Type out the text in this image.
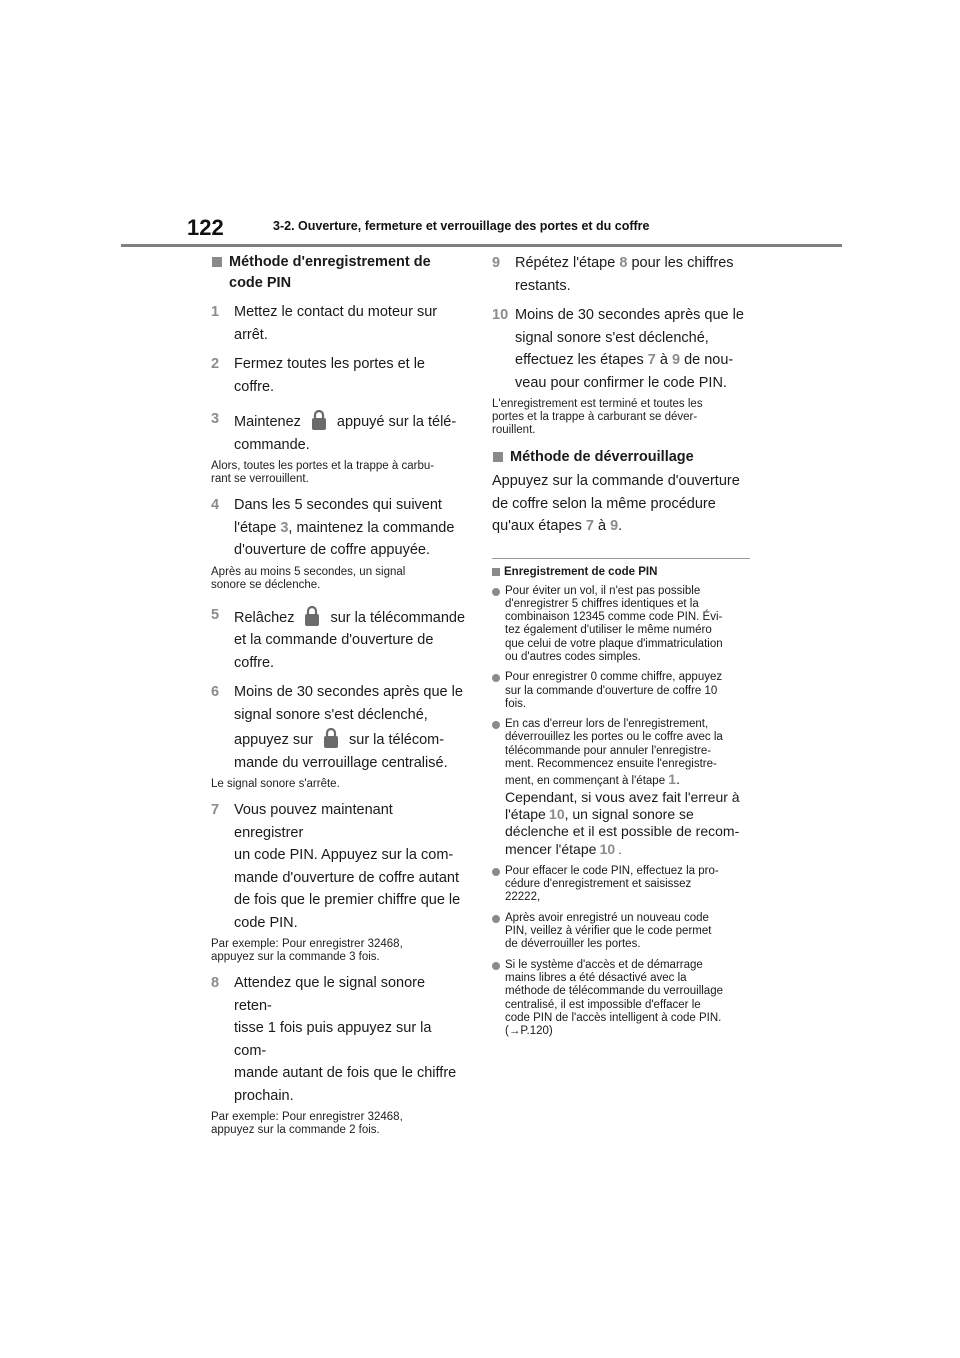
122	3-2. Ouverture, fermeture et verrouillage des portes et du coffre
Méthode d'enregistrement de
code PIN
1 Mettez le contact du moteur sur
arrêt.
2 Fermez toutes les portes et le
coffre.
3 Maintenez appuyé sur la télé-
commande.
Alors, toutes les portes et la trappe à carbu-
rant se verrouillent.
4 Dans les 5 secondes qui suivent
l'étape 3, maintenez la commande
d'ouverture de coffre appuyée.
Après au moins 5 secondes, un signal
sonore se déclenche.
5 Relâchez sur la télécommande
et la commande d'ouverture de
coffre.
6 Moins de 30 secondes après que le
signal sonore s'est déclenché,
appuyez sur sur la télécom-
mande du verrouillage centralisé.
Le signal sonore s'arrête.
7 Vous pouvez maintenant enregistrer
un code PIN. Appuyez sur la com-
mande d'ouverture de coffre autant
de fois que le premier chiffre que le
code PIN.
Par exemple: Pour enregistrer 32468,
appuyez sur la commande 3 fois.
8 Attendez que le signal sonore reten-
tisse 1 fois puis appuyez sur la com-
mande autant de fois que le chiffre
prochain.
Par exemple: Pour enregistrer 32468,
appuyez sur la commande 2 fois.
9 Répétez l'étape 8 pour les chiffres
restants.
10 Moins de 30 secondes après que le
signal sonore s'est déclenché,
effectuez les étapes 7 à 9 de nou-
veau pour confirmer le code PIN.
L'enregistrement est terminé et toutes les
portes et la trappe à carburant se déver-
rouillent.
Méthode de déverrouillage
Appuyez sur la commande d'ouverture
de coffre selon la même procédure
qu'aux étapes 7 à 9.
Enregistrement de code PIN
Pour éviter un vol, il n'est pas possible
d'enregistrer 5 chiffres identiques et la
combinaison 12345 comme code PIN. Évi-
tez également d'utiliser le même numéro
que celui de votre plaque d'immatriculation
ou d'autres codes simples.
Pour enregistrer 0 comme chiffre, appuyez
sur la commande d'ouverture de coffre 10
fois.
En cas d'erreur lors de l'enregistrement,
déverrouillez les portes ou le coffre avec la
télécommande pour annuler l'enregistre-
ment. Recommencez ensuite l'enregistre-
ment, en commençant à l'étape 1.
Cependant, si vous avez fait l'erreur à
l'étape 10, un signal sonore se
déclenche et il est possible de recom-
mencer l'étape 10 .
Pour effacer le code PIN, effectuez la pro-
cédure d'enregistrement et saisissez
22222,
Après avoir enregistré un nouveau code
PIN, veillez à vérifier que le code permet
de déverrouiller les portes.
Si le système d'accès et de démarrage
mains libres a été désactivé avec la
méthode de télécommande du verrouillage
centralisé, il est impossible d'effacer le
code PIN de l'accès intelligent à code PIN.
(→P.120)
